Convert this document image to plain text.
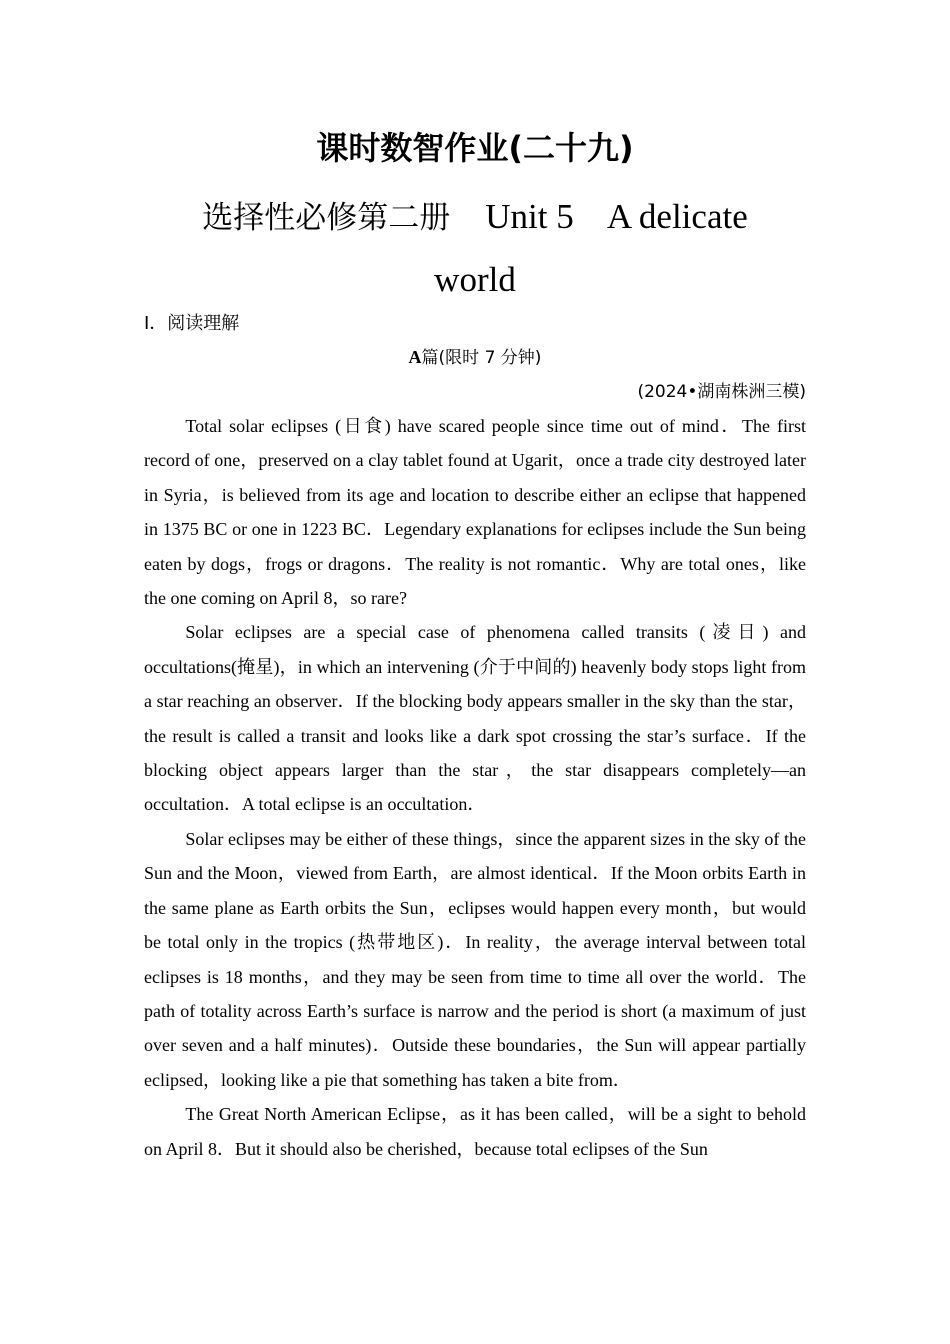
课时数智作业(二十九)
选择性必修第二册 Unit 5 A delicate
world
Ⅰ．阅读理解
A篇(限时 7 分钟)
(2024•湖南株洲三模)

Total solar eclipses (日食) have scared people since time out of mind．The first record of one，preserved on a clay tablet found at Ugarit，once a trade city destroyed later in Syria，is believed from its age and location to describe either an eclipse that happened in 1375 BC or one in 1223 BC．Legendary explanations for eclipses include the Sun being eaten by dogs，frogs or dragons．The reality is not romantic．Why are total ones，like the one coming on April 8，so rare?

Solar eclipses are a special case of phenomena called transits (凌日) and occultations(掩星)，in which an intervening (介于中间的) heavenly body stops light from a star reaching an observer．If the blocking body appears smaller in the sky than the star，the result is called a transit and looks like a dark spot crossing the star’s surface．If the blocking object appears larger than the star，the star disappears completely—an occultation．A total eclipse is an occultation．

Solar eclipses may be either of these things，since the apparent sizes in the sky of the Sun and the Moon，viewed from Earth，are almost identical．If the Moon orbits Earth in the same plane as Earth orbits the Sun，eclipses would happen every month，but would be total only in the tropics (热带地区)．In reality，the average interval between total eclipses is 18 months，and they may be seen from time to time all over the world．The path of totality across Earth’s surface is narrow and the period is short (a maximum of just over seven and a half minutes)．Outside these boundaries，the Sun will appear partially eclipsed，looking like a pie that something has taken a bite from．

The Great North American Eclipse，as it has been called，will be a sight to behold on April 8．But it should also be cherished，because total eclipses of the Sun
